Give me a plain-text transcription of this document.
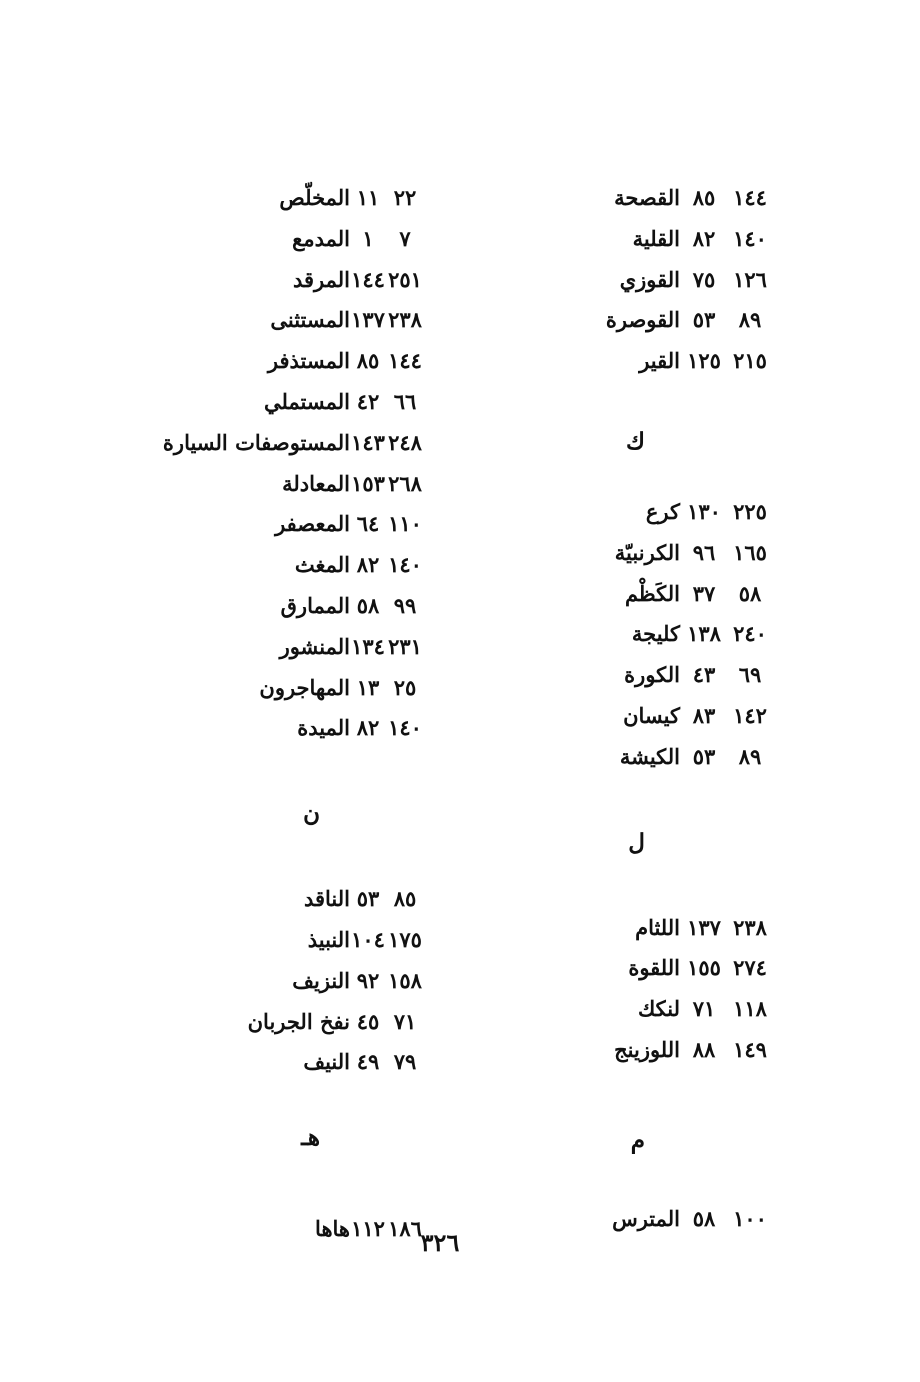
١٤٤
٨٥
القصحة
١٤٠
٨٢
القلية
١٢٦
٧٥
القوزي
٨٩
٥٣
القوصرة
٢١٥
١٢٥
القير
ك
٢٢٥
١٣٠
كرع
١٦٥
٩٦
الكرنبيّة
٥٨
٣٧
الكَظْم
٢٤٠
١٣٨
كليجة
٦٩
٤٣
الكورة
١٤٢
٨٣
كيسان
٨٩
٥٣
الكيشة
ل
٢٣٨
١٣٧
اللثام
٢٧٤
١٥٥
اللقوة
١١٨
٧١
لنكك
١٤٩
٨٨
اللوزينج
م
١٠٠
٥٨
المترس
٢٢
١١
المخلّص
٧
١
المدمع
٢٥١
١٤٤
المرقد
٢٣٨
١٣٧
المستثنى
١٤٤
٨٥
المستذفر
٦٦
٤٢
المستملي
٢٤٨
١٤٣
المستوصفات السيارة
٢٦٨
١٥٣
المعادلة
١١٠
٦٤
المعصفر
١٤٠
٨٢
المغث
٩٩
٥٨
الممارق
٢٣١
١٣٤
المنشور
٢٥
١٣
المهاجرون
١٤٠
٨٢
الميدة
ن
٨٥
٥٣
الناقد
١٧٥
١٠٤
النبيذ
١٥٨
٩٢
النزيف
٧١
٤٥
نفخ الجربان
٧٩
٤٩
النيف
هـ
١٨٦
١١٢
هاها	٣٢٦
